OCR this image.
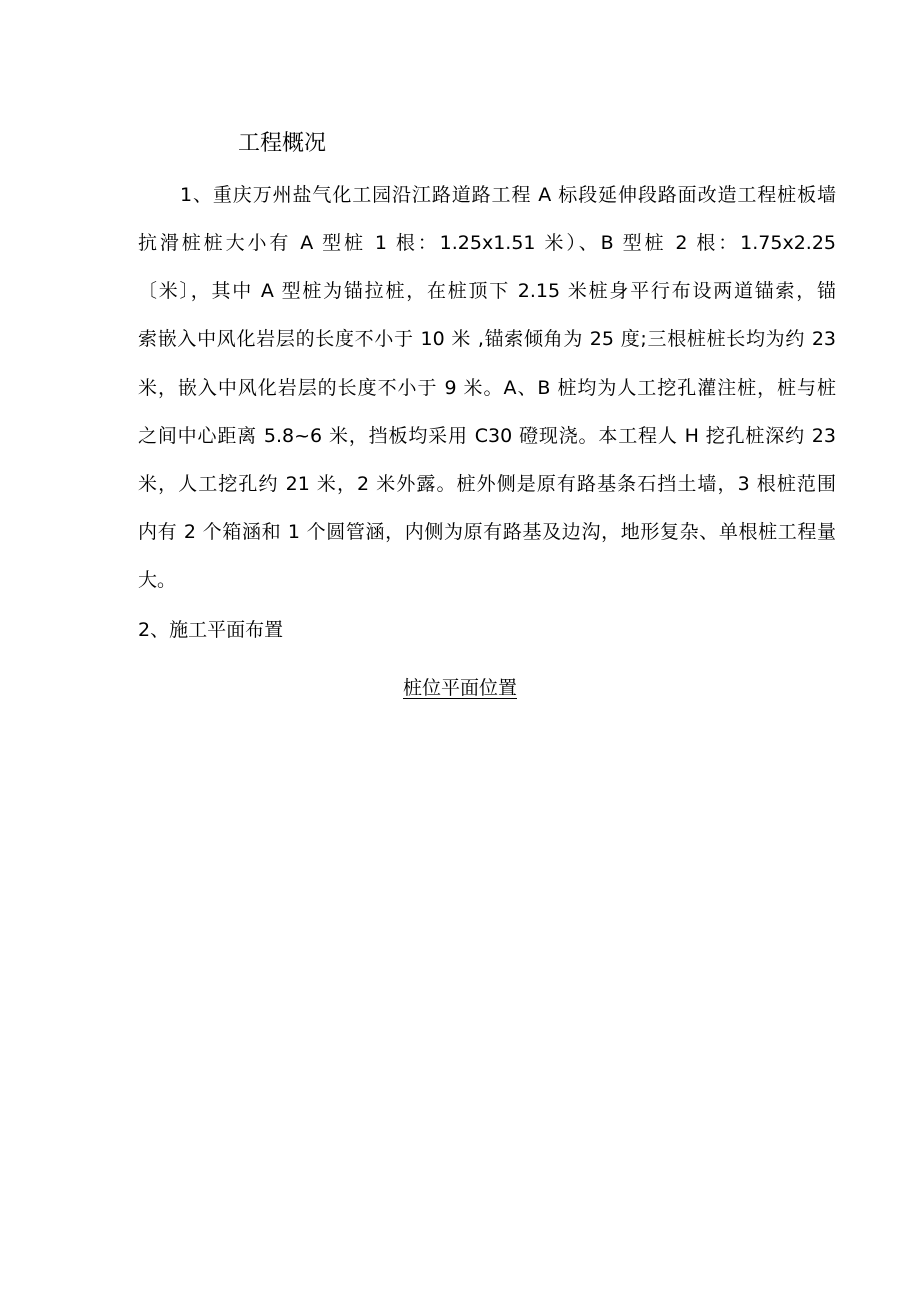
工程概况
1、重庆万州盐气化工园沿江路道路工程 A 标段延伸段路面改造工程桩板墙
抗滑桩桩大小有 A 型桩 1 根：1.25x1.51 米）、B 型桩 2 根：1.75x2.25
〔米〕，其中 A 型桩为锚拉桩，在桩顶下 2.15 米桩身平行布设两道锚索，锚
索嵌入中风化岩层的长度不小于 10 米 ,锚索倾角为 25 度;三根桩桩长均为约 23
米，嵌入中风化岩层的长度不小于 9 米。A、B 桩均为人工挖孔灌注桩，桩与桩
之间中心距离 5.8~6 米，挡板均采用 C30 磴现浇。本工程人 H 挖孔桩深约 23
米，人工挖孔约 21 米，2 米外露。桩外侧是原有路基条石挡土墙，3 根桩范围
内有 2 个箱涵和 1 个圆管涵，内侧为原有路基及边沟，地形复杂、单根桩工程量
大。
2、施工平面布置
桩位平面位置
